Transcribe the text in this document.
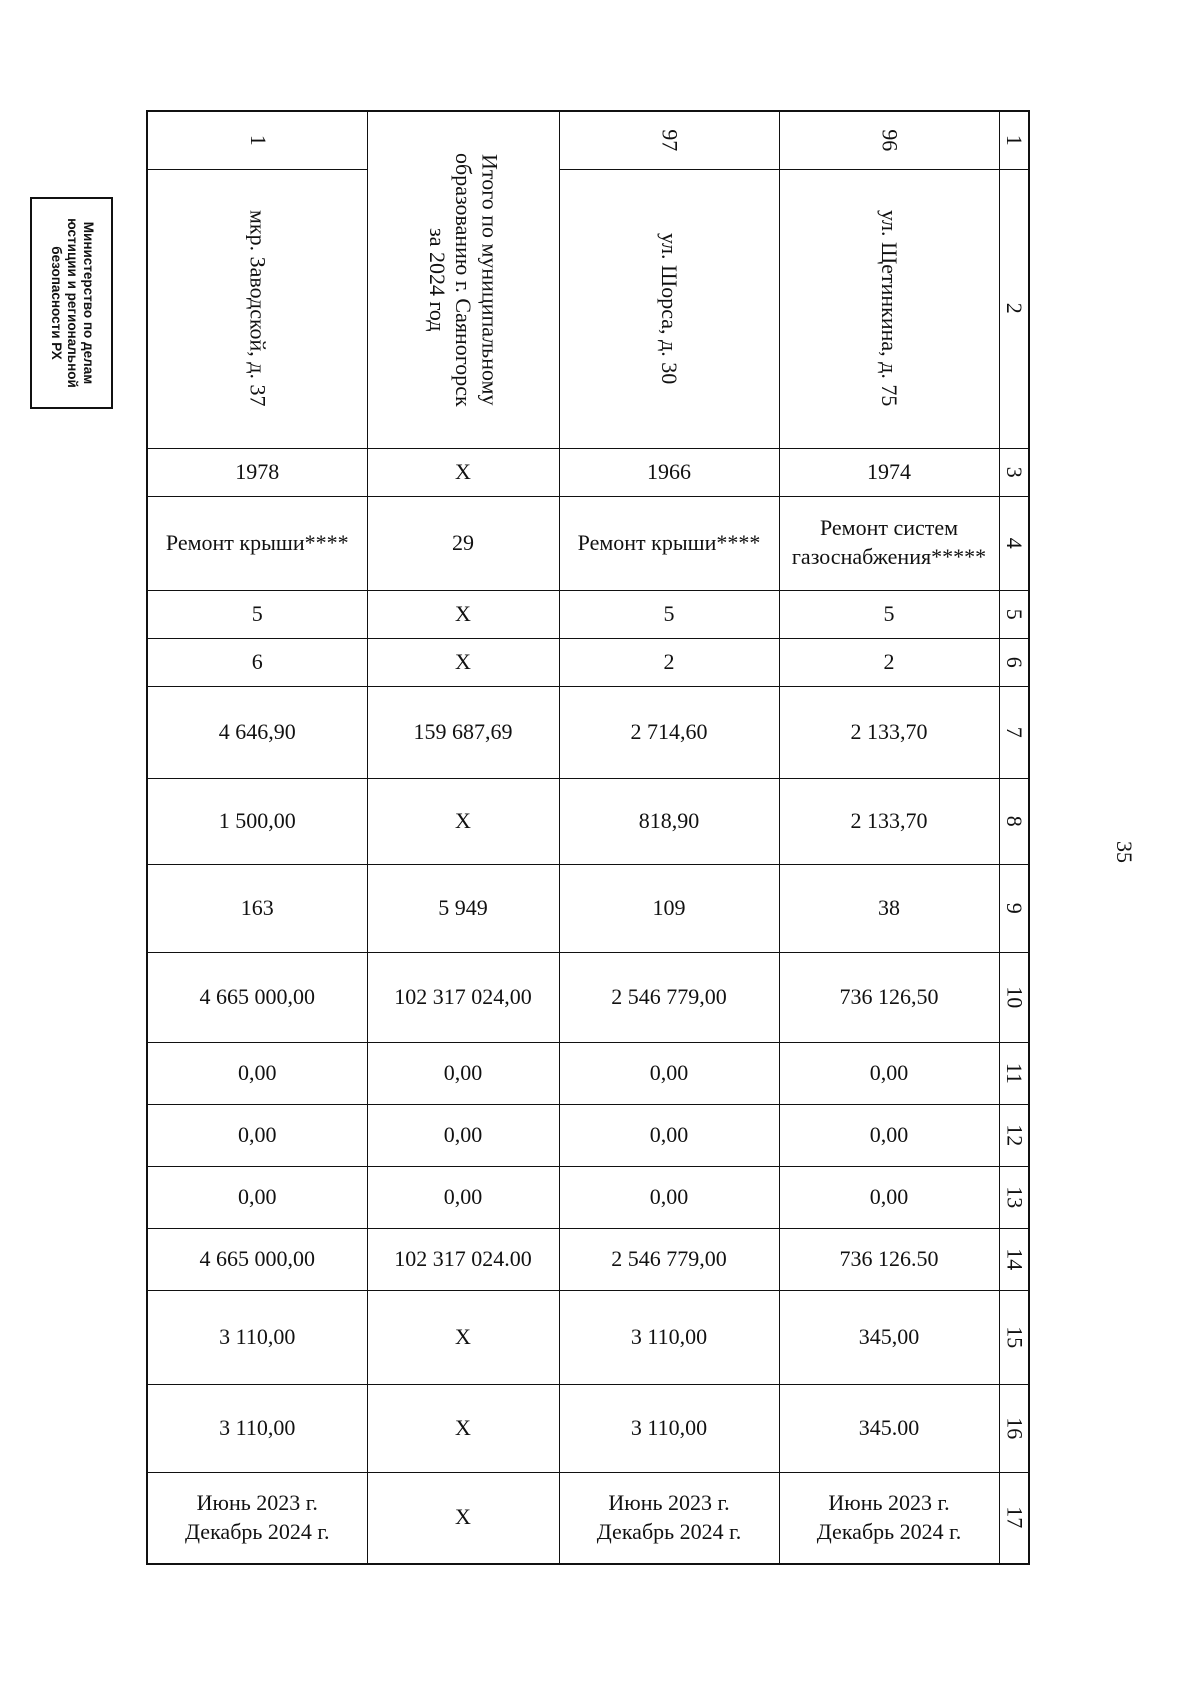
Министерство по делам
юстиции и региональной
безопасности РХ
35
1	Итого по муниципальному
образованию г. Саяногорск
за 2024 год	97	96	1

мкр. Заводской, д. 37		ул. Шорса, д. 30	ул. Щетинкина, д. 75	2
1978	X	1966	1974	3
Ремонт крыши****	29	Ремонт крыши****	Ремонт систем
газоснабжения*****	4
5	X	5	5	5
6	X	2	2	6
4 646,90	159 687,69	2 714,60	2 133,70	7
1 500,00	X	818,90	2 133,70	8
163	5 949	109	38	9
4 665 000,00	102 317 024,00	2 546 779,00	736 126,50	10
0,00	0,00	0,00	0,00	11
0,00	0,00	0,00	0,00	12
0,00	0,00	0,00	0,00	13
4 665 000,00	102 317 024.00	2 546 779,00	736 126.50	14
3 110,00	X	3 110,00	345,00	15
3 110,00	X	3 110,00	345.00	16
Июнь 2023 г.
Декабрь 2024 г.	X	Июнь 2023 г.
Декабрь 2024 г.	Июнь 2023 г.
Декабрь 2024 г.	17
